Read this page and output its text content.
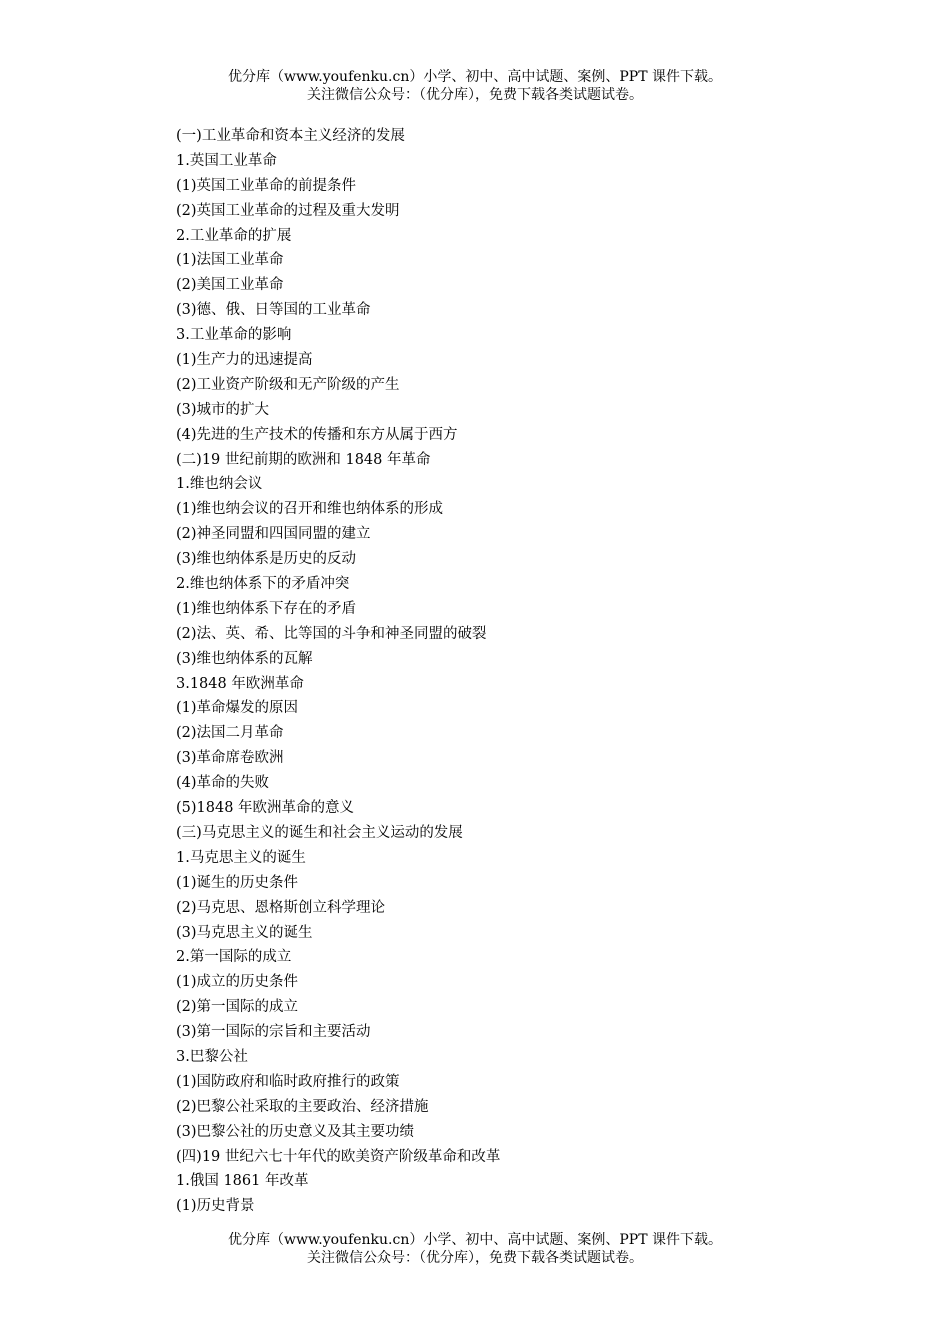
优分库（www.youfenku.cn）小学、初中、高中试题、案例、PPT 课件下载。
关注微信公众号：（优分库），免费下载各类试题试卷。
(一)工业革命和资本主义经济的发展
1.英国工业革命
(1)英国工业革命的前提条件
(2)英国工业革命的过程及重大发明
2.工业革命的扩展
(1)法国工业革命
(2)美国工业革命
(3)德、俄、日等国的工业革命
3.工业革命的影响
(1)生产力的迅速提高
(2)工业资产阶级和无产阶级的产生
(3)城市的扩大
(4)先进的生产技术的传播和东方从属于西方
(二)19 世纪前期的欧洲和 1848 年革命
1.维也纳会议
(1)维也纳会议的召开和维也纳体系的形成
(2)神圣同盟和四国同盟的建立
(3)维也纳体系是历史的反动
2.维也纳体系下的矛盾冲突
(1)维也纳体系下存在的矛盾
(2)法、英、希、比等国的斗争和神圣同盟的破裂
(3)维也纳体系的瓦解
3.1848 年欧洲革命
(1)革命爆发的原因
(2)法国二月革命
(3)革命席卷欧洲
(4)革命的失败
(5)1848 年欧洲革命的意义
(三)马克思主义的诞生和社会主义运动的发展
1.马克思主义的诞生
(1)诞生的历史条件
(2)马克思、恩格斯创立科学理论
(3)马克思主义的诞生
2.第一国际的成立
(1)成立的历史条件
(2)第一国际的成立
(3)第一国际的宗旨和主要活动
3.巴黎公社
(1)国防政府和临时政府推行的政策
(2)巴黎公社采取的主要政治、经济措施
(3)巴黎公社的历史意义及其主要功绩
(四)19 世纪六七十年代的欧美资产阶级革命和改革
1.俄国 1861 年改革
(1)历史背景
优分库（www.youfenku.cn）小学、初中、高中试题、案例、PPT 课件下载。
关注微信公众号：（优分库），免费下载各类试题试卷。
